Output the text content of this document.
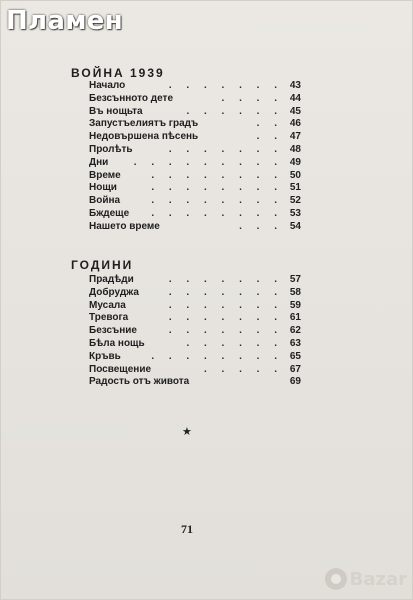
Пламен
ВОЙНА 1939
Начало	. . . . . . . 43
Безсънното дете	. . . . 44
Въ нощьта	. . . . . . 45
Запустъелиятъ градъ	. . 46
Недовършена пѣсень	. . 47
Пролѣть	. . . . . . . 48
Дни	. . . . . . . . . 49
Време	. . . . . . . . 50
Нощи	. . . . . . . . 51
Война	. . . . . . . . 52
Бждеще	. . . . . . . . 53
Нашето време	. . . 54
ГОДИНИ
Прадѣди	. . . . . . . 57
Добруджа	. . . . . . . 58
Мусала	. . . . . . . 59
Тревога	. . . . . . . 61
Безсъние	. . . . . . . 62
Бѣла нощь	. . . . . . 63
Кръвь	. . . . . . . . 65
Посвещение	. . . . . 67
Радость отъ живота	69
★
71
Bazar
